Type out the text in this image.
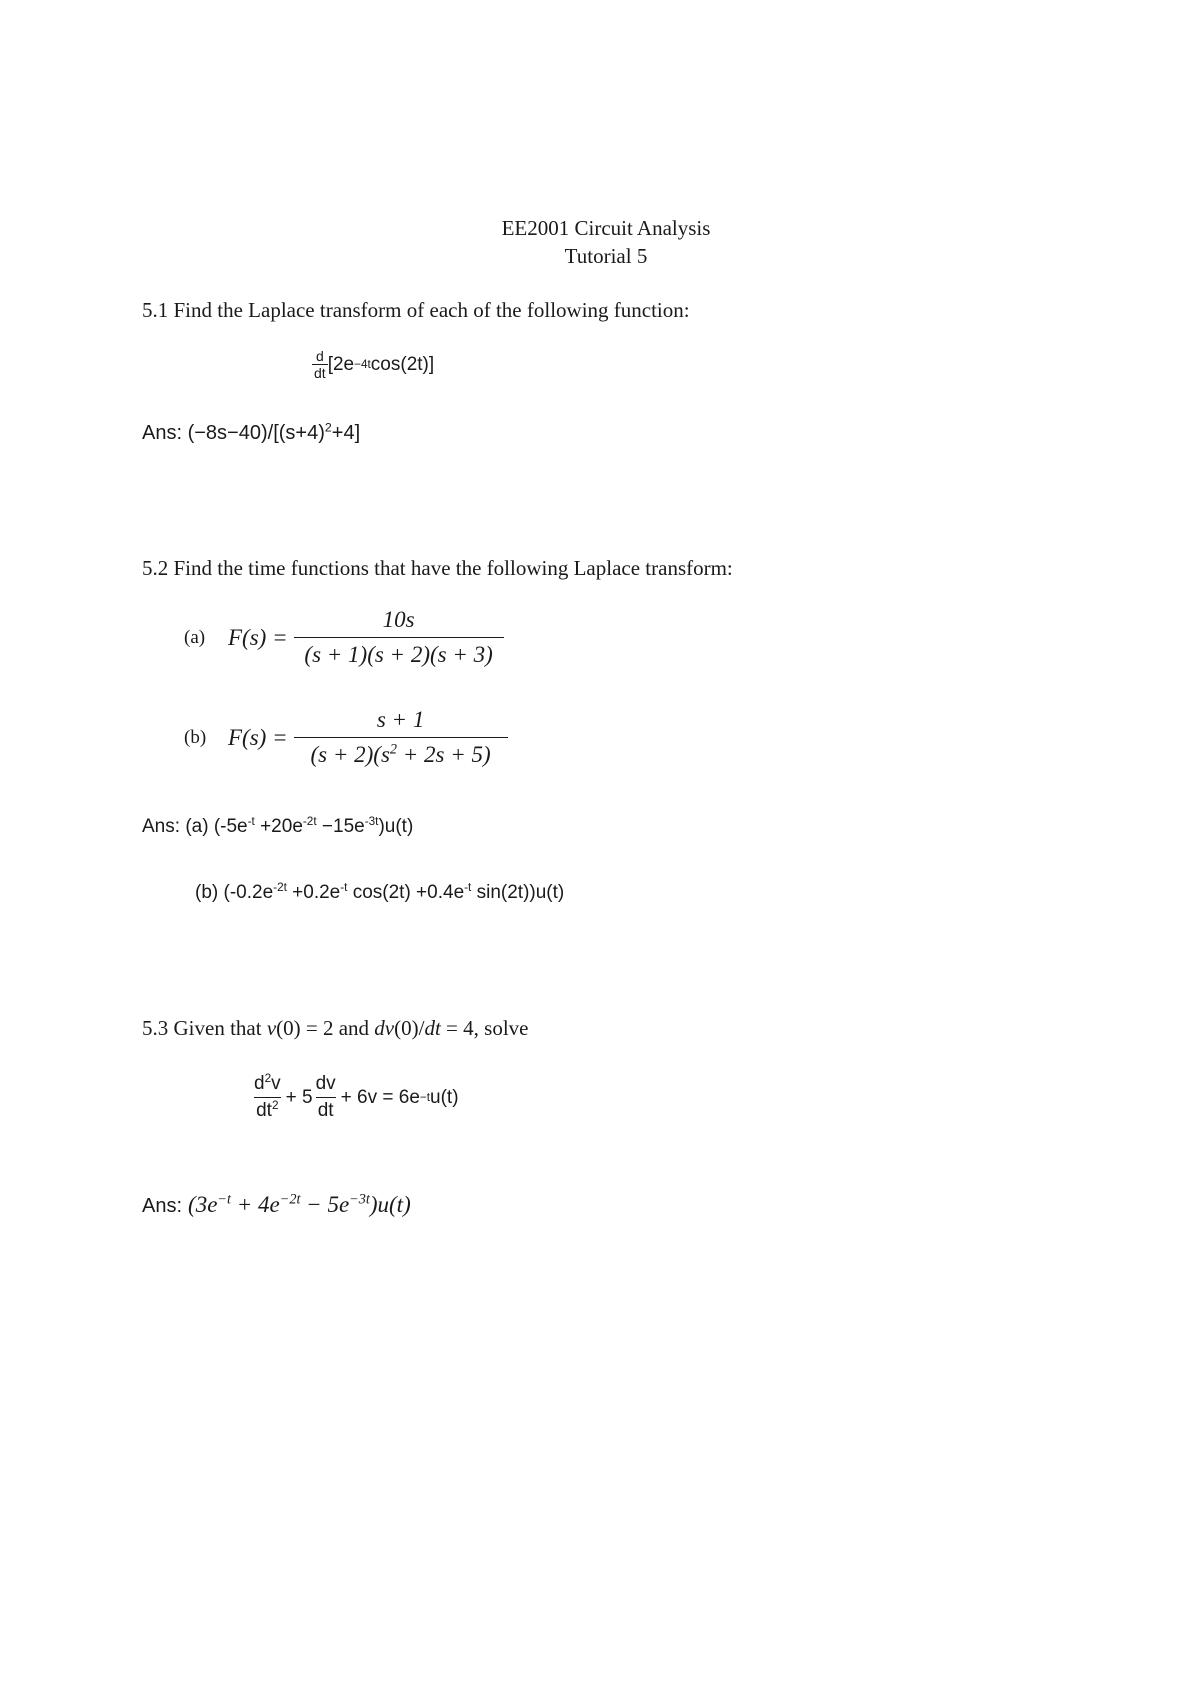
EE2001 Circuit Analysis
Tutorial 5
5.1 Find the Laplace transform of each of the following function:
$\frac{d}{dt} [2e -4t$ cos(2t)]
Ans: $(-8s-40)/[(s+4)^2+4]$
5.2 Find the time functions that have the following Laplace transform:
(a) $F(s) = \frac{10s}{(s + 1)(s + 2)(s + 3)}$
(b) $F(s) = \frac{s + 1}{(s + 2)(s^2 + 2s + 5)}$
Ans: (a) $(-5e^{-t} +20e^{-2t} -15e^{-3t})u(t)$
(b) ($-0.2e^{-2t} +0.2e^{-t}$ $\cos(2t) +0.4e^{-t}$ sin(2t))u(t)
5.3 Given that v(0) = 2 and dv(0)/dt = 4, solve
$\frac{d^2v}{dt^2} + 5 \frac{dv}{dt} + 6v = 6e -t$ u(t)
Ans: $(3e^{-t} + 4e^{-2t} - 5e^{-3t})u(t)$
